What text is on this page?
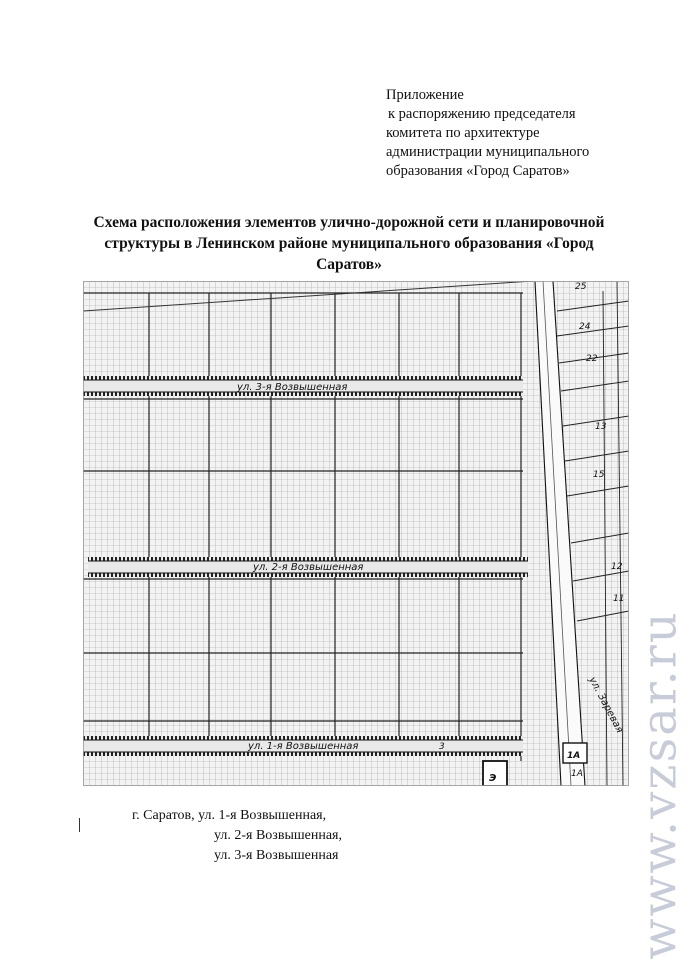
Приложение
к распоряжению председателя
комитета по архитектуре
администрации муниципального
образования «Город Саратов»
Схема расположения элементов улично-дорожной сети и планировочной
структуры в Ленинском районе муниципального образования «Город
Саратов»
ул. 3-я Возвышенная
ул. 2-я Возвышенная
ул. 1-я Возвышенная
ул. Заревая
25
24
22
13
15
12
11
1А
3
1А
Э
г. Саратов, ул. 1-я Возвышенная,
ул. 2-я Возвышенная,
ул. 3-я Возвышенная	www.vzsar.ru
